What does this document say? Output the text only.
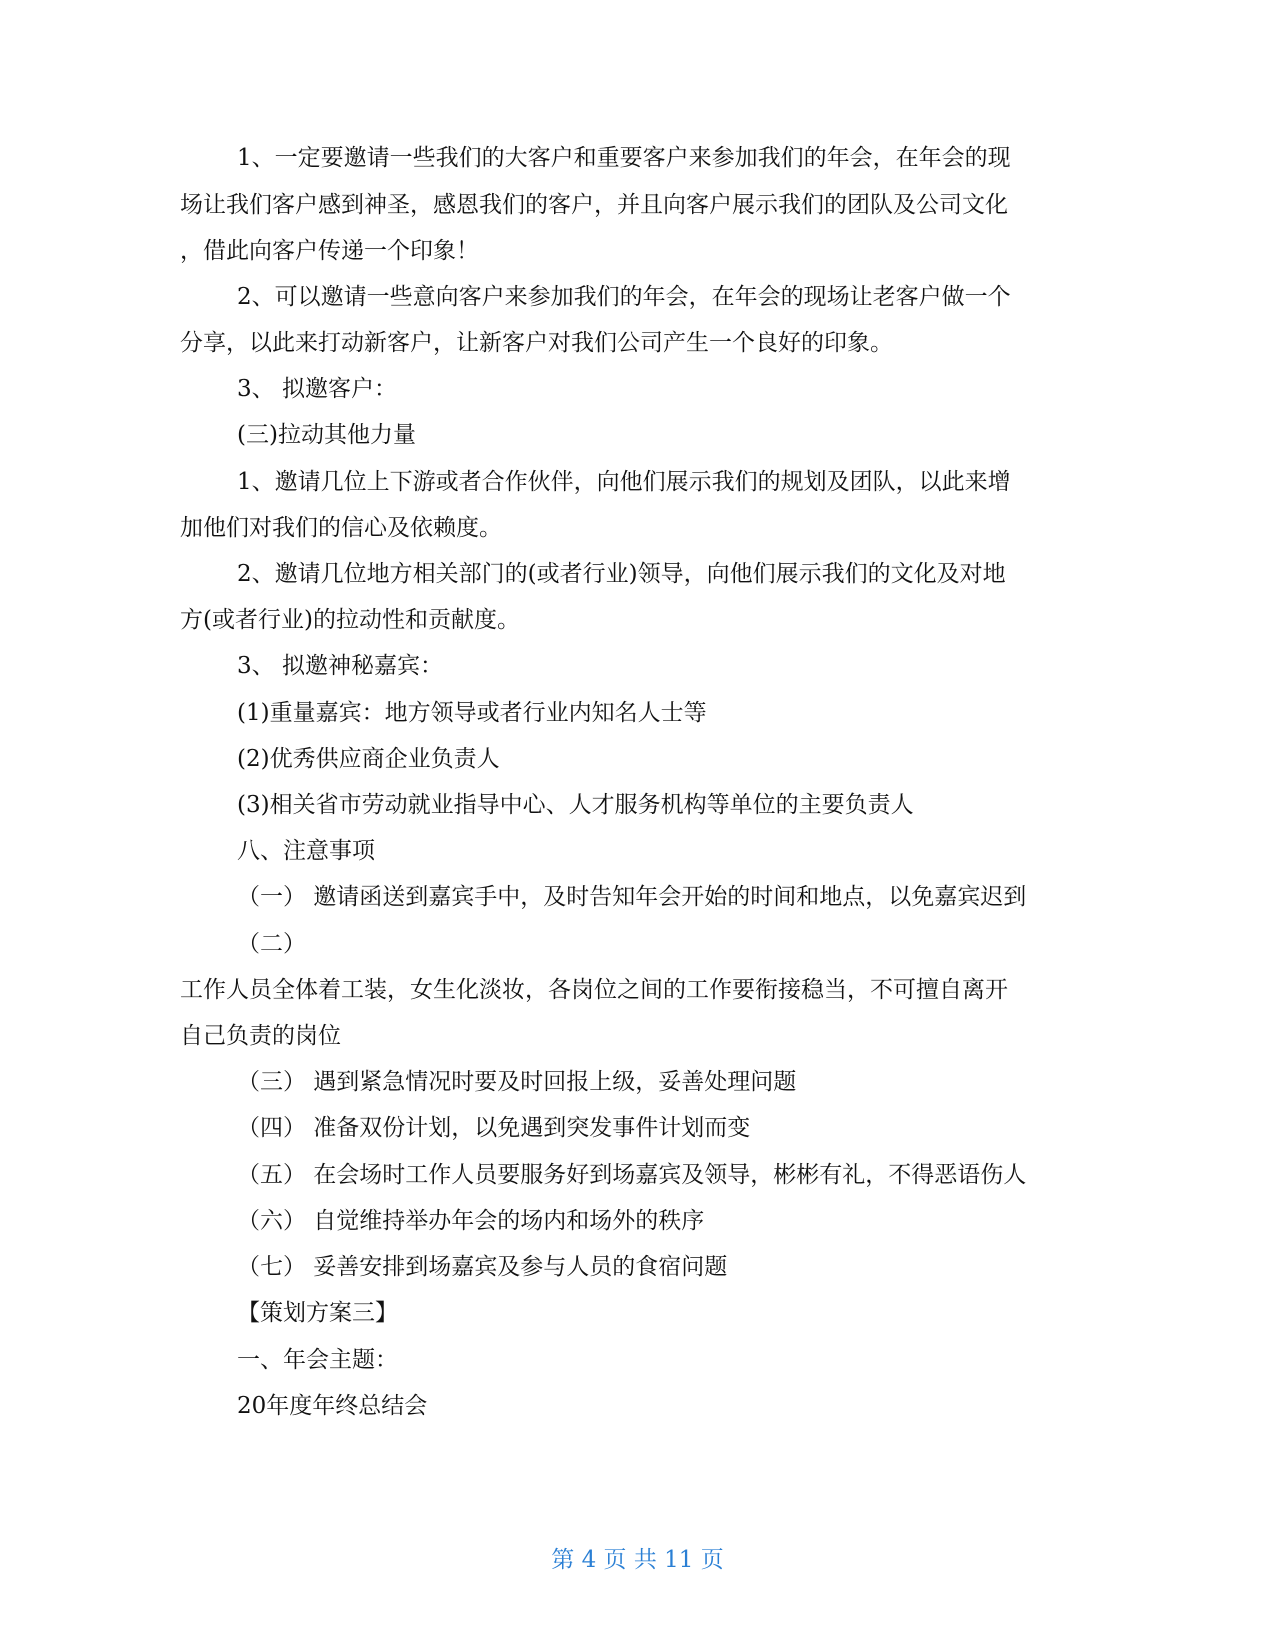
1、一定要邀请一些我们的大客户和重要客户来参加我们的年会，在年会的现
场让我们客户感到神圣，感恩我们的客户，并且向客户展示我们的团队及公司文化
，借此向客户传递一个印象！
2、可以邀请一些意向客户来参加我们的年会，在年会的现场让老客户做一个
分享，以此来打动新客户，让新客户对我们公司产生一个良好的印象。
3、 拟邀客户：
(三)拉动其他力量
1、邀请几位上下游或者合作伙伴，向他们展示我们的规划及团队，以此来增
加他们对我们的信心及依赖度。
2、邀请几位地方相关部门的(或者行业)领导，向他们展示我们的文化及对地
方(或者行业)的拉动性和贡献度。
3、 拟邀神秘嘉宾：
(1)重量嘉宾：地方领导或者行业内知名人士等
(2)优秀供应商企业负责人
(3)相关省市劳动就业指导中心、人才服务机构等单位的主要负责人
八、注意事项
（一） 邀请函送到嘉宾手中，及时告知年会开始的时间和地点，以免嘉宾迟到
（二）
工作人员全体着工装，女生化淡妆，各岗位之间的工作要衔接稳当，不可擅自离开
自己负责的岗位
（三） 遇到紧急情况时要及时回报上级，妥善处理问题
（四） 准备双份计划，以免遇到突发事件计划而变
（五） 在会场时工作人员要服务好到场嘉宾及领导，彬彬有礼，不得恶语伤人
（六） 自觉维持举办年会的场内和场外的秩序
（七） 妥善安排到场嘉宾及参与人员的食宿问题
【策划方案三】
一、年会主题：
20年度年终总结会
第 4 页 共 11 页
